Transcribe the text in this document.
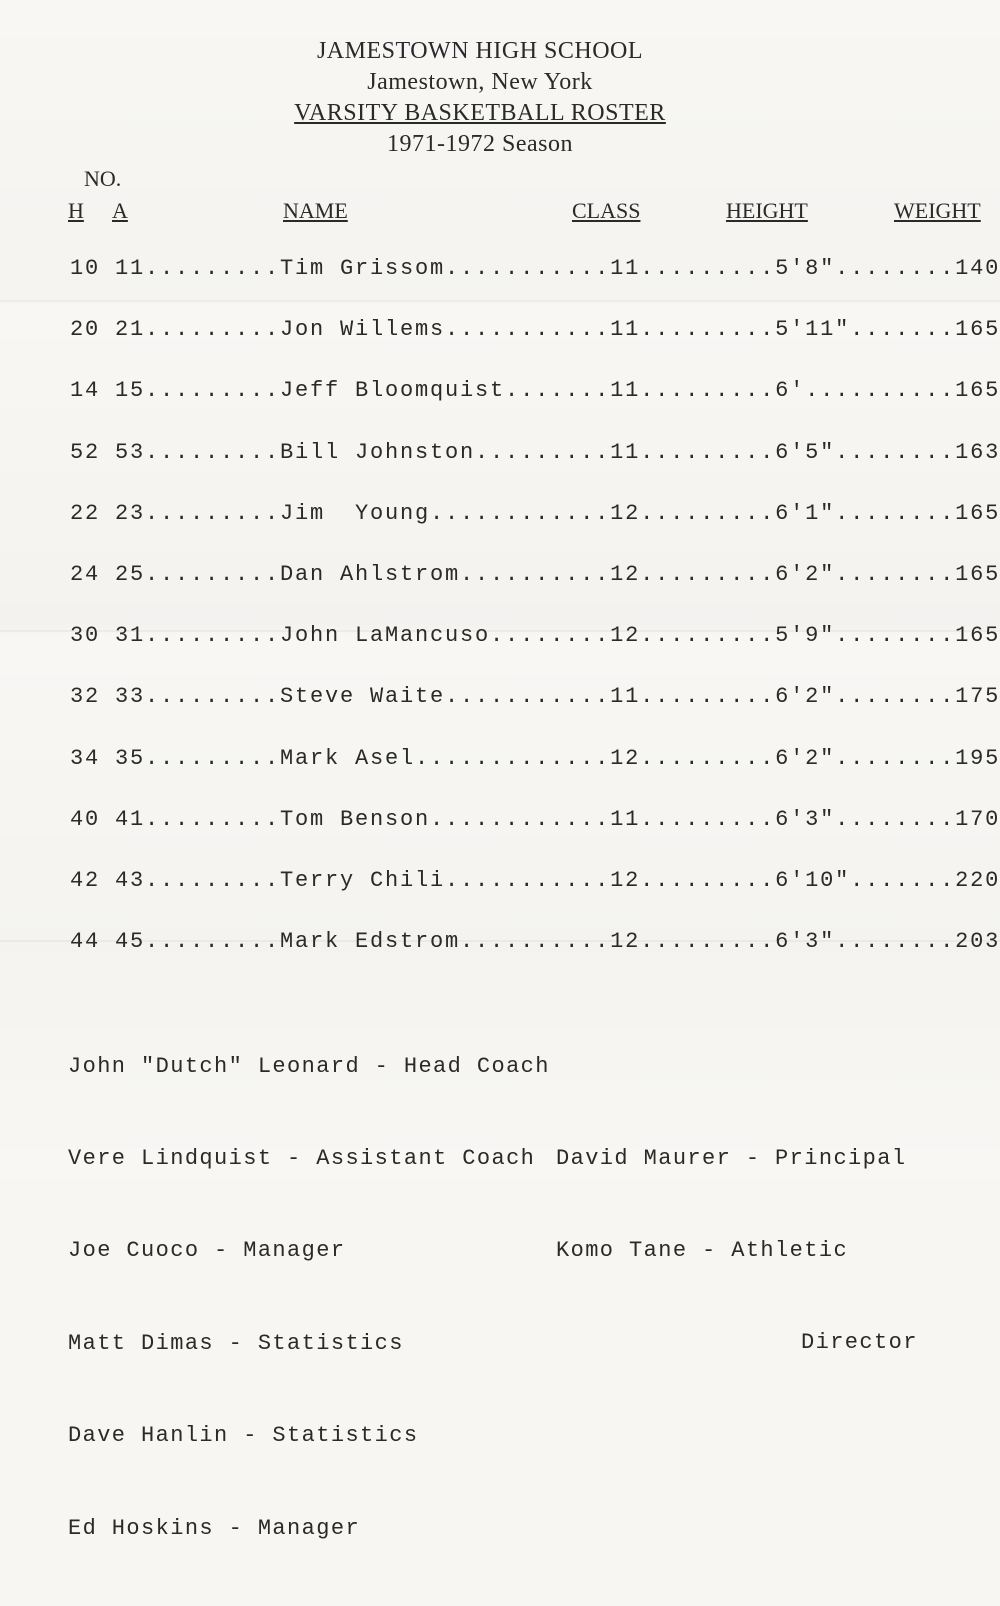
JAMESTOWN HIGH SCHOOL
Jamestown, New York
VARSITY BASKETBALL ROSTER
1971-1972 Season
NO.
H A	NAME	CLASS	HEIGHT	WEIGHT
10 11.........Tim Grissom...........11.........5'8"........140
20 21.........Jon Willems...........11.........5'11".......165
14 15.........Jeff Bloomquist.......11.........6'..........165
52 53.........Bill Johnston.........11.........6'5"........163
22 23.........Jim  Young............12.........6'1"........165
24 25.........Dan Ahlstrom..........12.........6'2"........165
30 31.........John LaMancuso........12.........5'9"........165
32 33.........Steve Waite...........11.........6'2"........175
34 35.........Mark Asel.............12.........6'2"........195
40 41.........Tom Benson............11.........6'3"........170
42 43.........Terry Chili...........12.........6'10".......220
44 45.........Mark Edstrom..........12.........6'3"........203

John "Dutch" Leonard - Head Coach

Vere Lindquist - Assistant Coach

Joe Cuoco - Manager

Matt Dimas - Statistics

Dave Hanlin - Statistics

Ed Hoskins - Manager

David Maurer - Principal

Komo Tane - Athletic

Director
